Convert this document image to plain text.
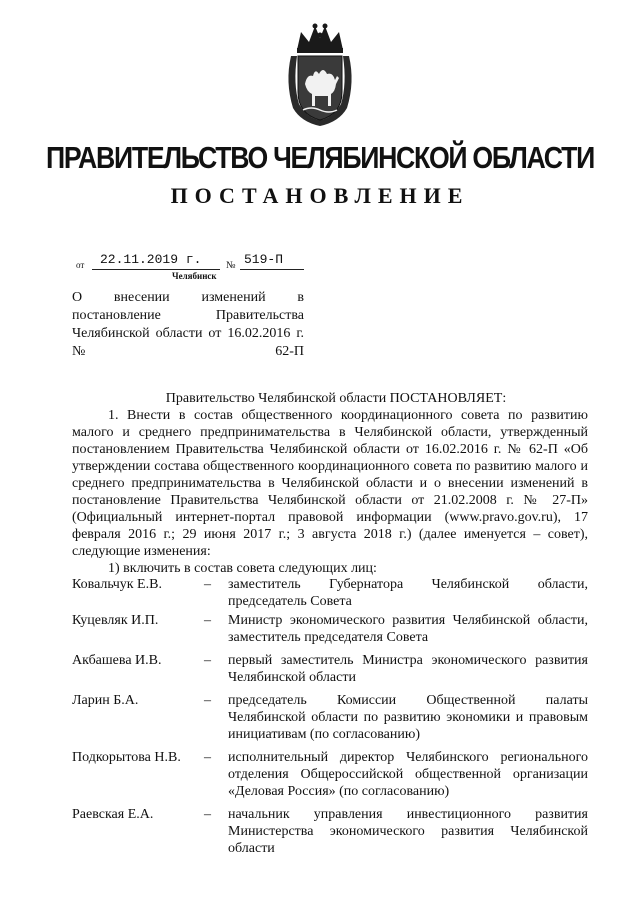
ПРАВИТЕЛЬСТВО ЧЕЛЯБИНСКОЙ ОБЛАСТИ
ПОСТАНОВЛЕНИЕ
от 22.11.2019 г. № 519-П
Челябинск
О внесении изменений в постановление Правительства Челябинской области от 16.02.2016 г. № 62-П
Правительство Челябинской области ПОСТАНОВЛЯЕТ:

1. Внести в состав общественного координационного совета по развитию малого и среднего предпринимательства в Челябинской области, утвержденный постановлением Правительства Челябинской области от 16.02.2016 г. № 62-П «Об утверждении состава общественного координационного совета по развитию малого и среднего предпринимательства в Челябинской области и о внесении изменений в постановление Правительства Челябинской области от 21.02.2008 г. № 27-П» (Официальный интернет-портал правовой информации (www.pravo.gov.ru), 17 февраля 2016 г.; 29 июня 2017 г.; 3 августа 2018 г.) (далее именуется – совет), следующие изменения:

1) включить в состав совета следующих лиц:

Ковальчук Е.В.	– заместитель Губернатора Челябинской области, председатель Совета
Куцевляк И.П.	– Министр экономического развития Челябинской области, заместитель председателя Совета
Акбашева И.В.	– первый заместитель Министра экономического развития Челябинской области
Ларин Б.А.	– председатель Комиссии Общественной палаты Челябинской области по развитию экономики и правовым инициативам (по согласованию)
Подкорытова Н.В. – исполнительный директор Челябинского регионального отделения Общероссийской общественной организации «Деловая Россия» (по согласованию)
Раевская Е.А.	– начальник управления инвестиционного развития Министерства экономического развития Челябинской области
